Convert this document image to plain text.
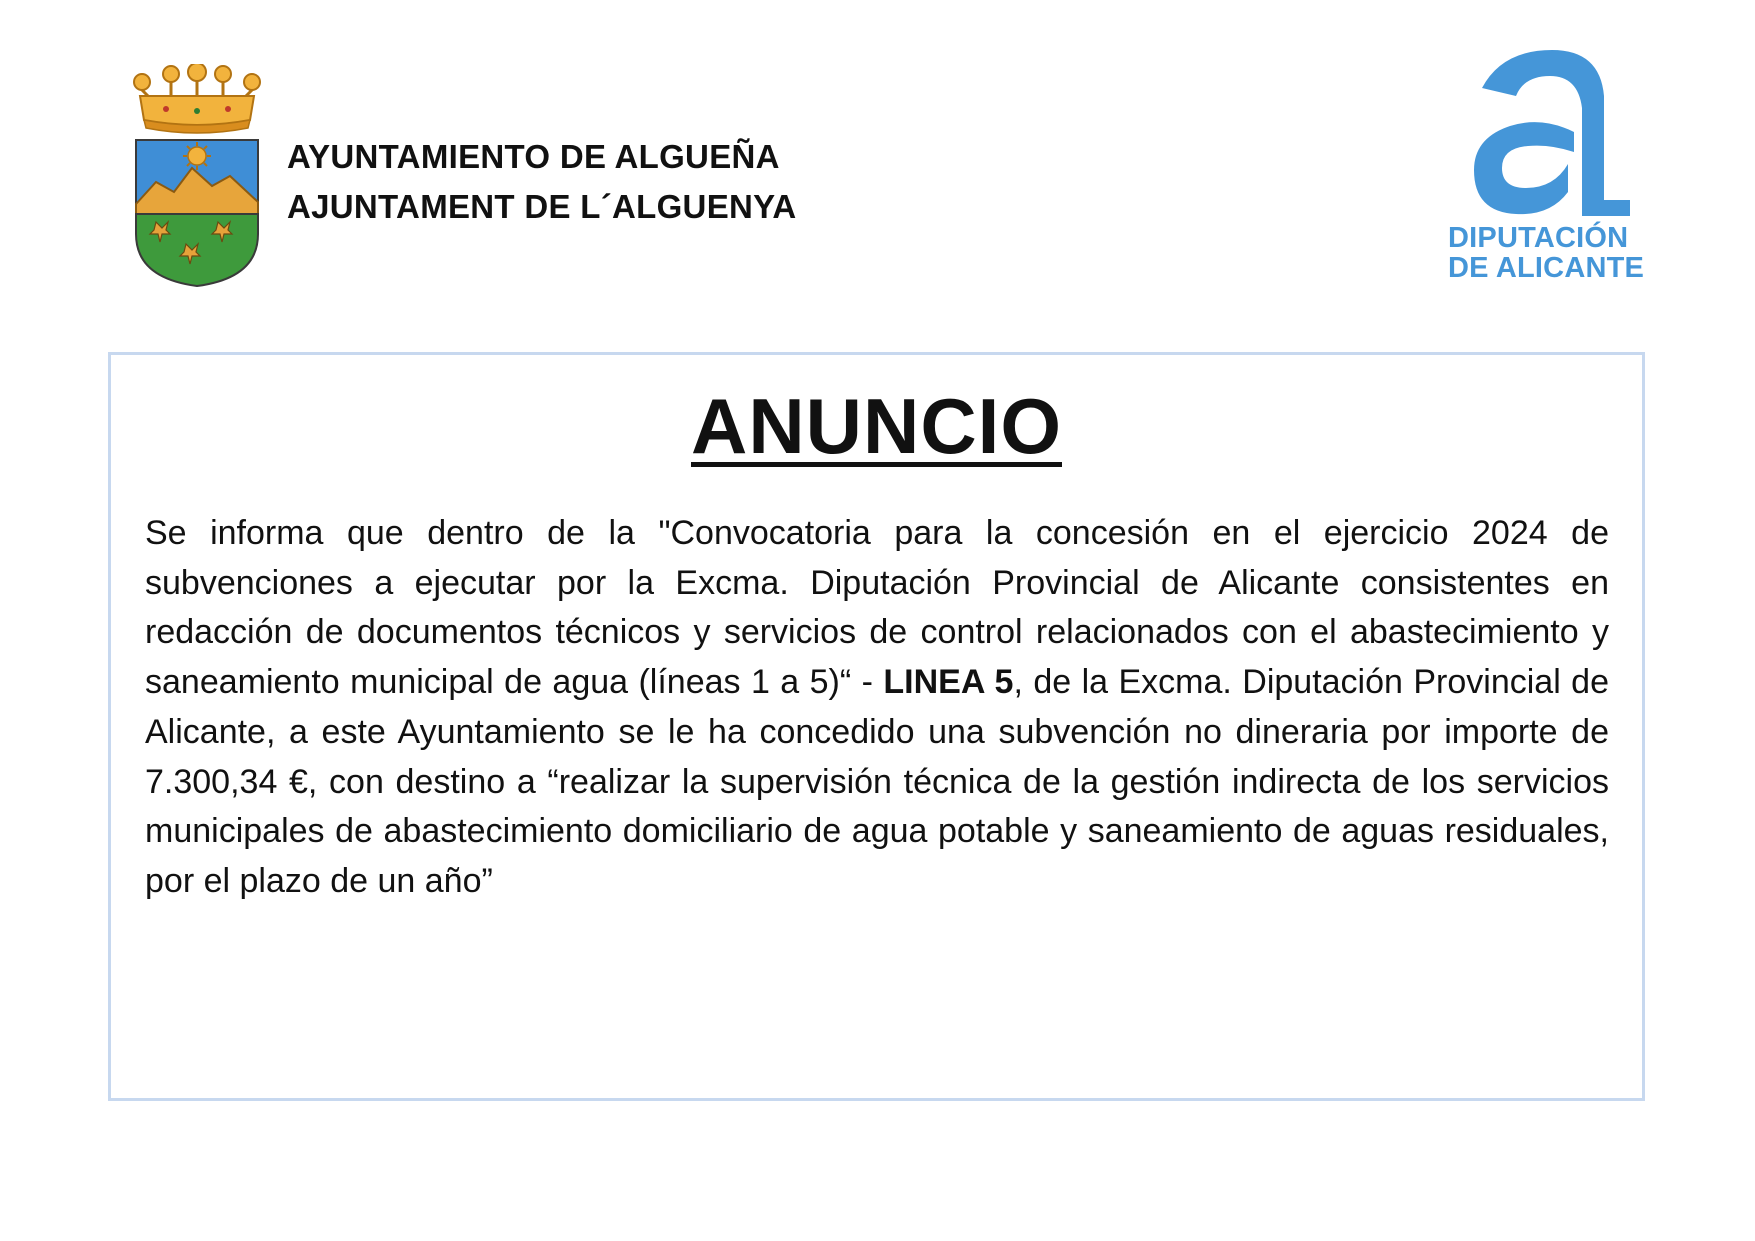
AYUNTAMIENTO DE ALGUEÑA
AJUNTAMENT DE L´ALGUENYA
DIPUTACIÓN
DE ALICANTE
ANUNCIO

Se informa que dentro de la "Convocatoria para la concesión en el ejercicio 2024 de subvenciones a ejecutar por la Excma. Diputación Provincial de Alicante consistentes en redacción de documentos técnicos y servicios de control relacionados con el abastecimiento y saneamiento municipal de agua (líneas 1 a 5)“ - LINEA 5, de la Excma. Diputación Provincial de Alicante, a este Ayuntamiento se le ha concedido una subvención no dineraria por importe de 7.300,34 €, con destino a “realizar la supervisión técnica de la gestión indirecta de los servicios municipales de abastecimiento domiciliario de agua potable y saneamiento de aguas residuales, por el plazo de un año”
